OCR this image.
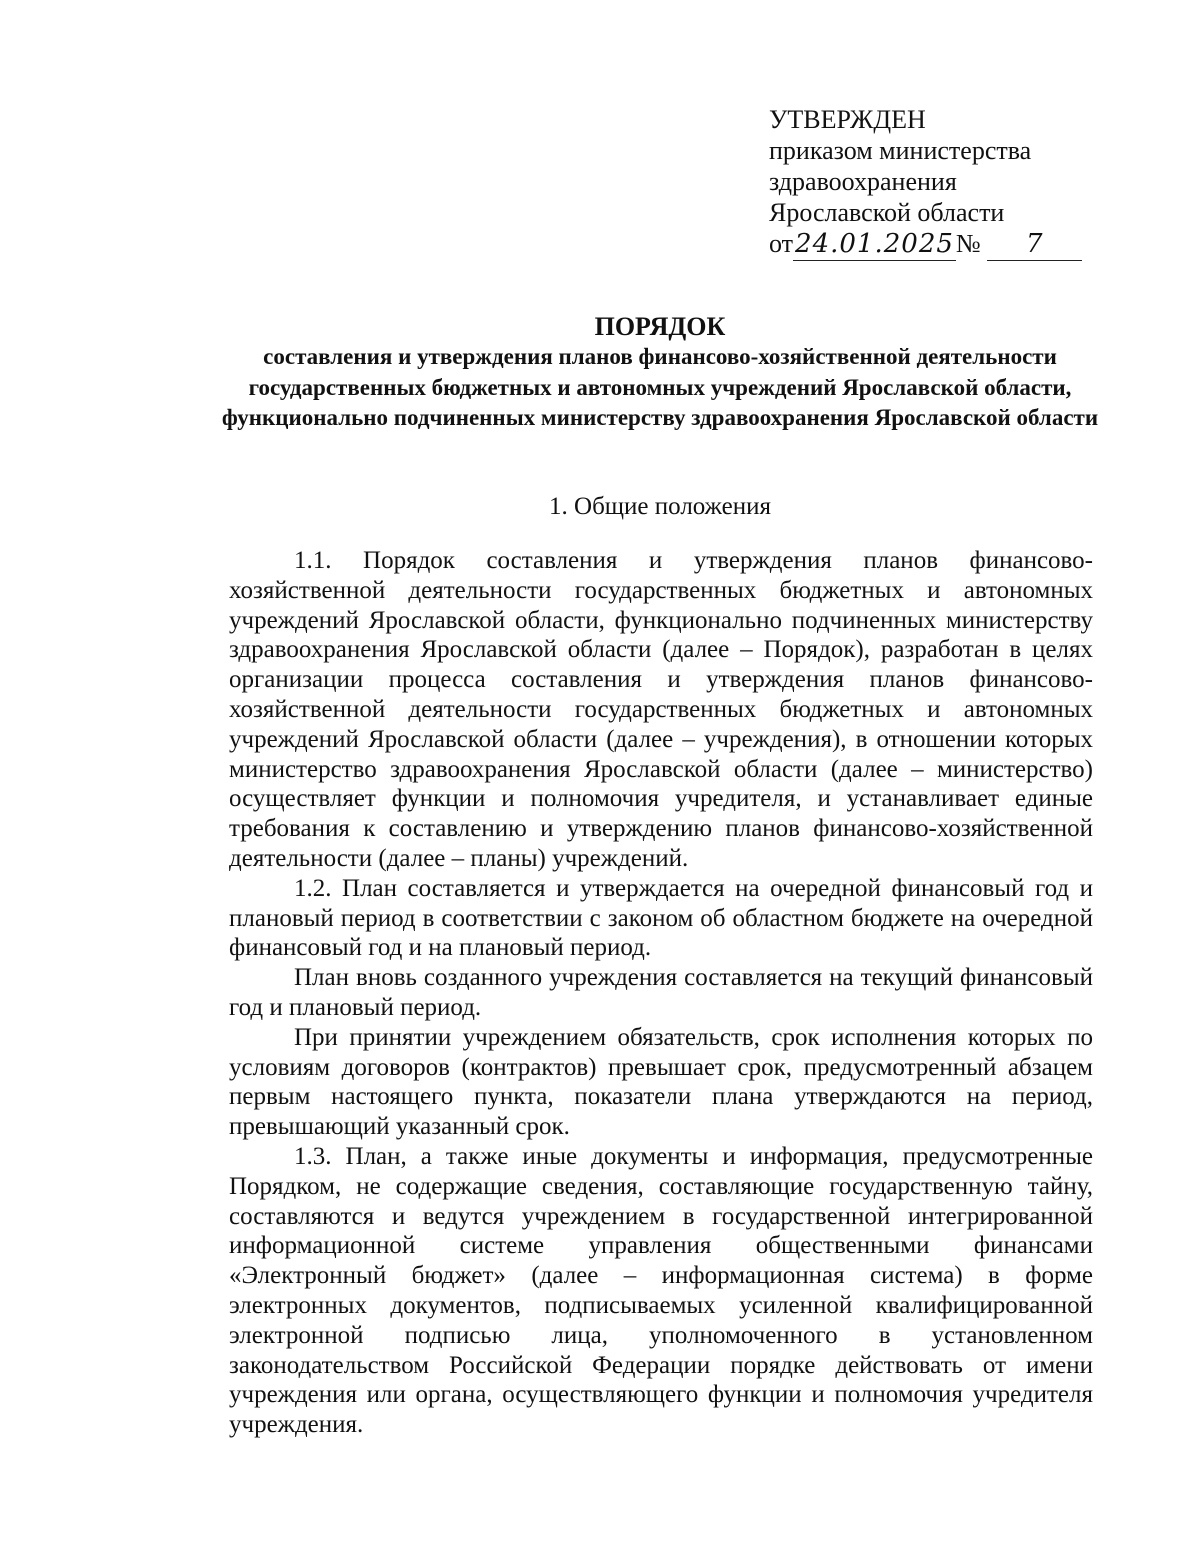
УТВЕРЖДЕН
приказом министерства
здравоохранения
Ярославской области
от24.01.2025№ 7
ПОРЯДОК
составления и утверждения планов финансово-хозяйственной деятельности государственных бюджетных и автономных учреждений Ярославской области, функционально подчиненных министерству здравоохранения Ярославской области
1. Общие положения

1.1. Порядок составления и утверждения планов финансово-хозяйственной деятельности государственных бюджетных и автономных учреждений Ярославской области, функционально подчиненных министерству здравоохранения Ярославской области (далее – Порядок), разработан в целях организации процесса составления и утверждения планов финансово-хозяйственной деятельности государственных бюджетных и автономных учреждений Ярославской области (далее – учреждения), в отношении которых министерство здравоохранения Ярославской области (далее – министерство) осуществляет функции и полномочия учредителя, и устанавливает единые требования к составлению и утверждению планов финансово-хозяйственной деятельности (далее – планы) учреждений.

1.2. План составляется и утверждается на очередной финансовый год и плановый период в соответствии с законом об областном бюджете на очередной финансовый год и на плановый период.

План вновь созданного учреждения составляется на текущий финансовый год и плановый период.

При принятии учреждением обязательств, срок исполнения которых по условиям договоров (контрактов) превышает срок, предусмотренный абзацем первым настоящего пункта, показатели плана утверждаются на период, превышающий указанный срок.

1.3. План, а также иные документы и информация, предусмотренные Порядком, не содержащие сведения, составляющие государственную тайну, составляются и ведутся учреждением в государственной интегрированной информационной системе управления общественными финансами «Электронный бюджет» (далее – информационная система) в форме электронных документов, подписываемых усиленной квалифицированной электронной подписью лица, уполномоченного в установленном законодательством Российской Федерации порядке действовать от имени учреждения или органа, осуществляющего функции и полномочия учредителя учреждения.
